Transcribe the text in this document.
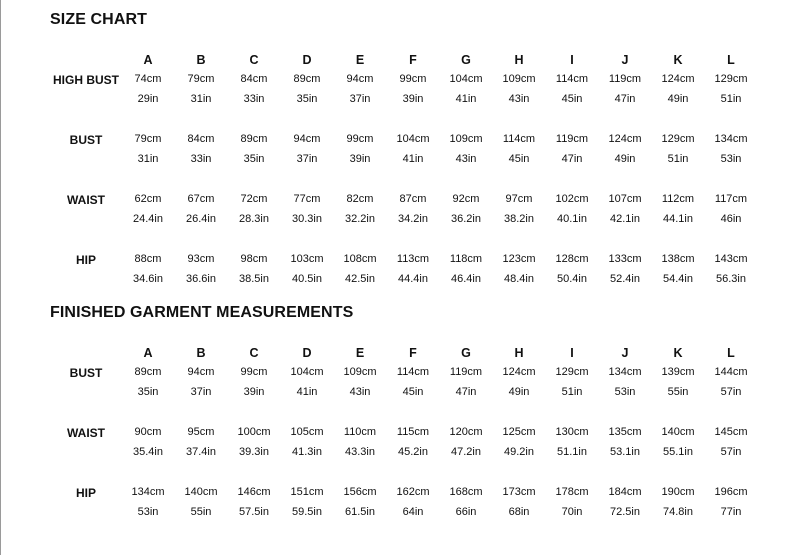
SIZE CHART
A	B	C	D	E	F	G	H	I	J	K	L
HIGH BUST	74cm	79cm	84cm	89cm	94cm	99cm	104cm	109cm	114cm	119cm	124cm	129cm
29in	31in	33in	35in	37in	39in	41in	43in	45in	47in	49in	51in
BUST	79cm	84cm	89cm	94cm	99cm	104cm	109cm	114cm	119cm	124cm	129cm	134cm
31in	33in	35in	37in	39in	41in	43in	45in	47in	49in	51in	53in
WAIST	62cm	67cm	72cm	77cm	82cm	87cm	92cm	97cm	102cm	107cm	112cm	117cm
24.4in	26.4in	28.3in	30.3in	32.2in	34.2in	36.2in	38.2in	40.1in	42.1in	44.1in	46in
HIP	88cm	93cm	98cm	103cm	108cm	113cm	118cm	123cm	128cm	133cm	138cm	143cm
34.6in	36.6in	38.5in	40.5in	42.5in	44.4in	46.4in	48.4in	50.4in	52.4in	54.4in	56.3in
FINISHED GARMENT MEASUREMENTS
A	B	C	D	E	F	G	H	I	J	K	L
BUST	89cm	94cm	99cm	104cm	109cm	114cm	119cm	124cm	129cm	134cm	139cm	144cm
35in	37in	39in	41in	43in	45in	47in	49in	51in	53in	55in	57in
WAIST	90cm	95cm	100cm	105cm	110cm	115cm	120cm	125cm	130cm	135cm	140cm	145cm
35.4in	37.4in	39.3in	41.3in	43.3in	45.2in	47.2in	49.2in	51.1in	53.1in	55.1in	57in
HIP	134cm	140cm	146cm	151cm	156cm	162cm	168cm	173cm	178cm	184cm	190cm	196cm
53in	55in	57.5in	59.5in	61.5in	64in	66in	68in	70in	72.5in	74.8in	77in
